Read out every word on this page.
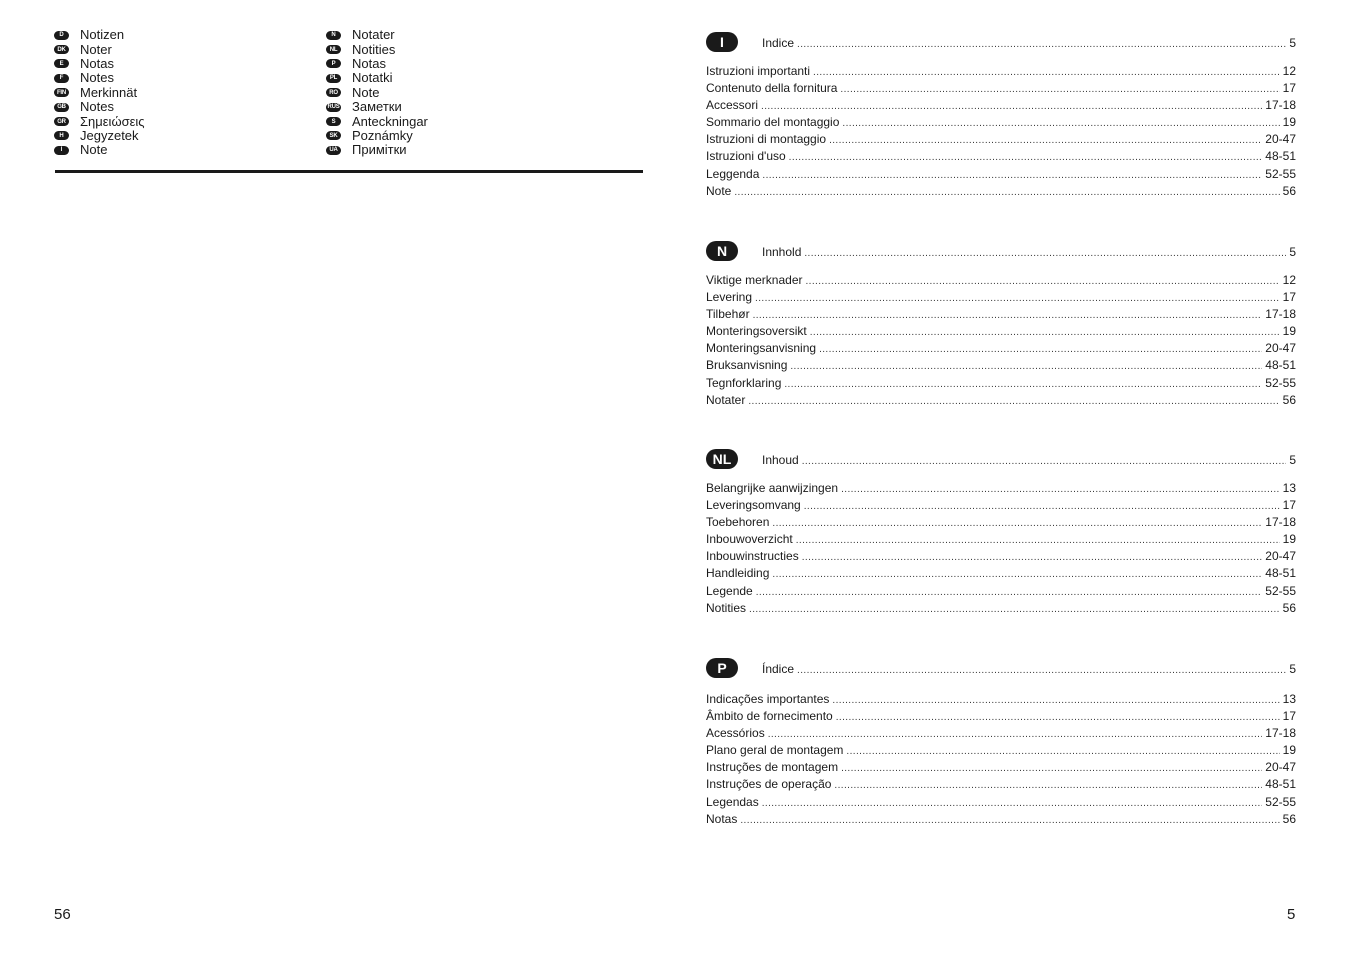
D	Notizen
DK Noter
E	Notas
F	Notes
FIN Merkinnät
GB Notes
GR Σημειώσεις
H	Jegyzetek
I	Note
N	Notater
NL Notities
P	Notas
PL Notatki
RO Note
RUS Заметки
S	Anteckningar
SK Poznámky
UA Примітки
56
I	Indice .....	5
Istruzioni importanti .....	12
Contenuto della fornitura .....	17
Accessori .....	17-18
Sommario del montaggio .....	19
Istruzioni di montaggio .....	20-47
Istruzioni d'uso .....	48-51
Leggenda .....	52-55
Note .....	56
N	Innhold .....	5
Viktige merknader .....	12
Levering .....	17
Tilbehør .....	17-18
Monteringsoversikt .....	19
Monteringsanvisning .....	20-47
Bruksanvisning .....	48-51
Tegnforklaring .....	52-55
Notater .....	56
NL	Inhoud .....	5
Belangrijke aanwijzingen .....	13
Leveringsomvang .....	17
Toebehoren .....	17-18
Inbouwoverzicht .....	19
Inbouwinstructies .....	20-47
Handleiding .....	48-51
Legende .....	52-55
Notities .....	56
P	Índice .....	5
Indicações importantes .....	13
Âmbito de fornecimento .....	17
Acessórios .....	17-18
Plano geral de montagem .....	19
Instruções de montagem .....	20-47
Instruções de operação .....	48-51
Legendas .....	52-55
Notas .....	56
5
